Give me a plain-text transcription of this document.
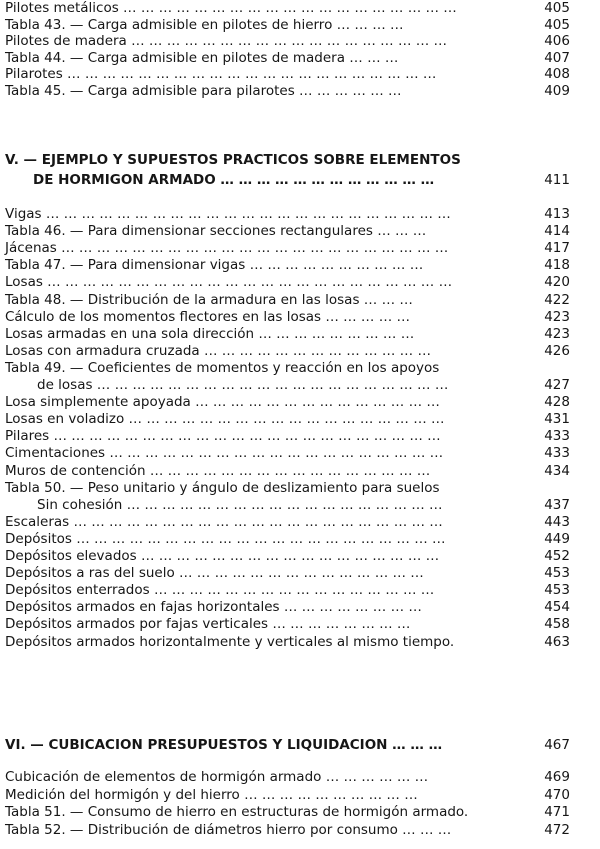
Pilotes metálicos … … … … … … … … … … … … … … … … … … …	405
Tabla 43. — Carga admisible en pilotes de hierro … … … …	405
Pilotes de madera … … … … … … … … … … … … … … … … … …	406
Tabla 44. — Carga admisible en pilotes de madera … … …	407
Pilarotes … … … … … … … … … … … … … … … … … … … … …	408
Tabla 45. — Carga admisible para pilarotes … … … … … …	409
V. — EJEMPLO Y SUPUESTOS PRACTICOS SOBRE ELEMENTOS
DE HORMIGON ARMADO … … … … … … … … … … … …	411
Vigas … … … … … … … … … … … … … … … … … … … … … … …	413
Tabla 46. — Para dimensionar secciones rectangulares … … …	414
Jácenas … … … … … … … … … … … … … … … … … … … … … …	417
Tabla 47. — Para dimensionar vigas … … … … … … … … … …	418
Losas … … … … … … … … … … … … … … … … … … … … … … …	420
Tabla 48. — Distribución de la armadura en las losas … … …	422
Cálculo de los momentos flectores en las losas … … … … …	423
Losas armadas en una sola dirección … … … … … … … … …	423
Losas con armadura cruzada … … … … … … … … … … … … …	426
Tabla 49. — Coeficientes de momentos y reacción en los apoyos
de losas … … … … … … … … … … … … … … … … … … … …	427
Losa simplemente apoyada … … … … … … … … … … … … … …	428
Losas en voladizo … … … … … … … … … … … … … … … … … …	431
Pilares … … … … … … … … … … … … … … … … … … … … … …	433
Cimentaciones … … … … … … … … … … … … … … … … … … …	433
Muros de contención … … … … … … … … … … … … … … … …	434
Tabla 50. — Peso unitario y ángulo de deslizamiento para suelos
Sin cohesión … … … … … … … … … … … … … … … … … …	437
Escaleras … … … … … … … … … … … … … … … … … … … … …	443
Depósitos … … … … … … … … … … … … … … … … … … … … …	449
Depósitos elevados … … … … … … … … … … … … … … … … …	452
Depósitos a ras del suelo … … … … … … … … … … … … … …	453
Depósitos enterrados … … … … … … … … … … … … … … … …	453
Depósitos armados en fajas horizontales … … … … … … … …	454
Depósitos armados por fajas verticales … … … … … … … …	458
Depósitos armados horizontalmente y verticales al mismo tiempo.	463
VI. — CUBICACION PRESUPUESTOS Y LIQUIDACION … … …	467
Cubicación de elementos de hormigón armado … … … … … …	469
Medición del hormigón y del hierro … … … … … … … … … …	470
Tabla 51. — Consumo de hierro en estructuras de hormigón armado.	471
Tabla 52. — Distribución de diámetros hierro por consumo … … …	472
